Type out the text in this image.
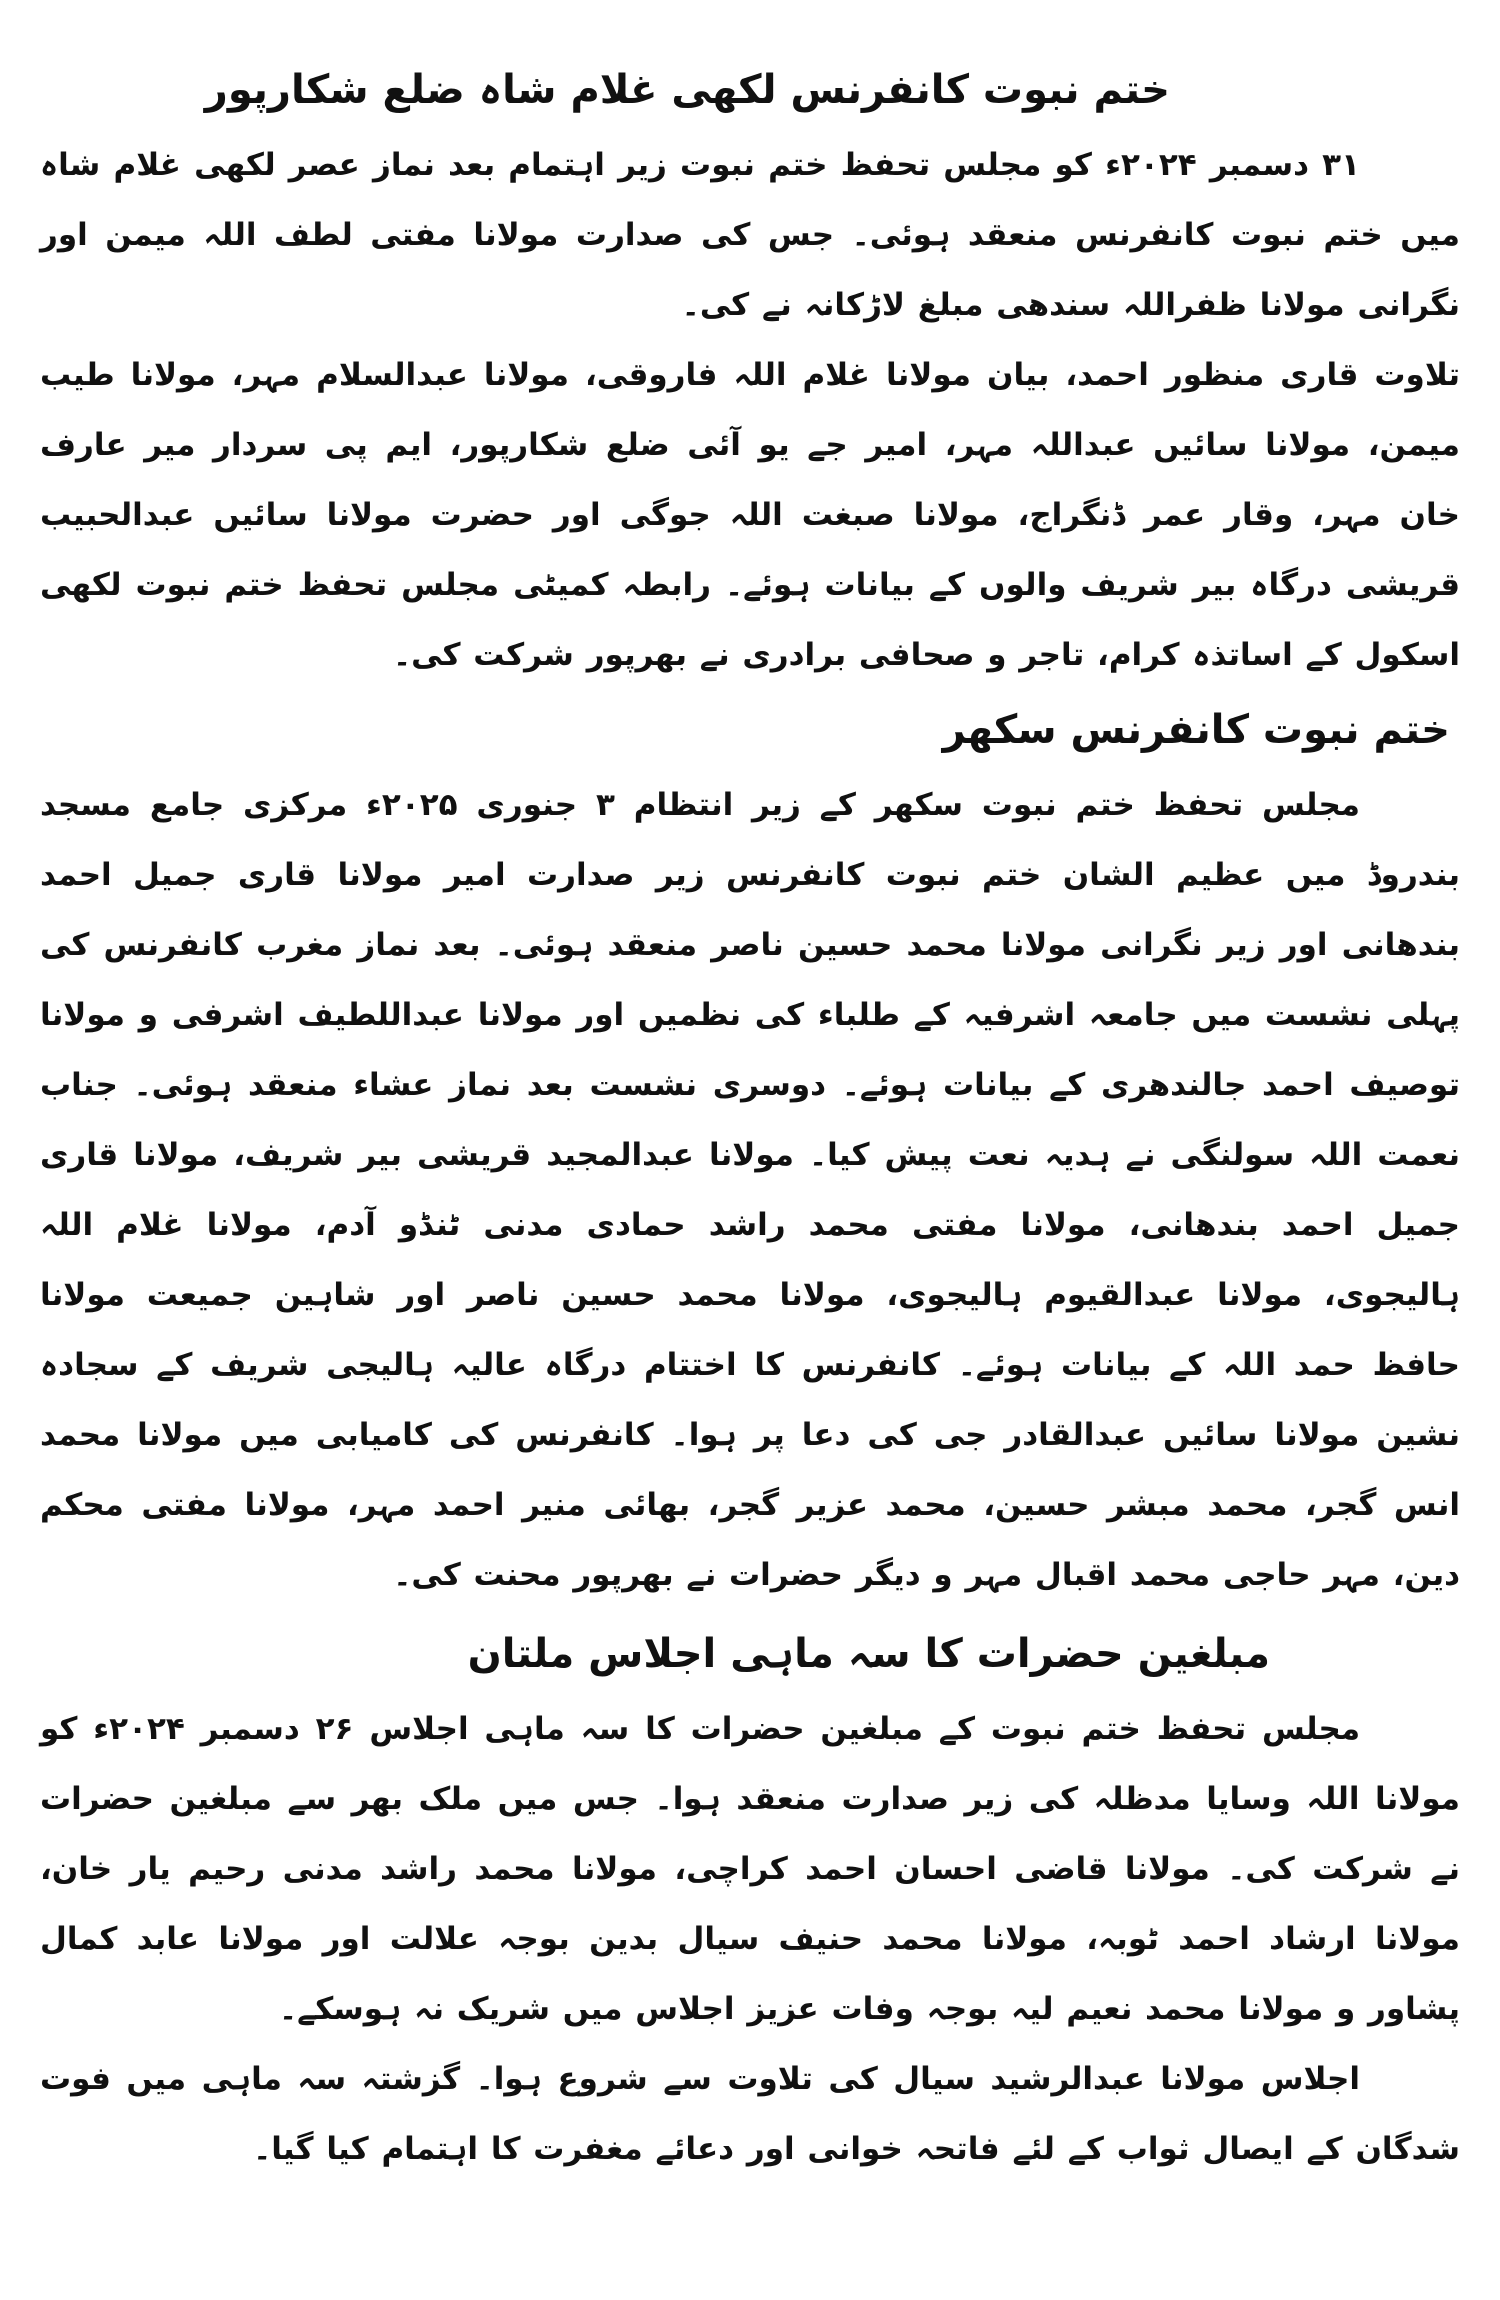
ختم نبوت کانفرنس لکھی غلام شاہ ضلع شکارپور

۳۱ دسمبر ۲۰۲۴ء کو مجلس تحفظ ختم نبوت زیر اہتمام بعد نماز عصر لکھی غلام شاہ میں ختم نبوت کانفرنس منعقد ہوئی۔ جس کی صدارت مولانا مفتی لطف اللہ میمن اور نگرانی مولانا ظفراللہ سندھی مبلغ لاڑکانہ نے کی۔

تلاوت قاری منظور احمد، بیان مولانا غلام اللہ فاروقی، مولانا عبدالسلام مہر، مولانا طیب میمن، مولانا سائیں عبداللہ مہر، امیر جے یو آئی ضلع شکارپور، ایم پی سردار میر عارف خان مہر، وقار عمر ڈنگراج، مولانا صبغت اللہ جوگی اور حضرت مولانا سائیں عبدالحبیب قریشی درگاہ بیر شریف والوں کے بیانات ہوئے۔ رابطہ کمیٹی مجلس تحفظ ختم نبوت لکھی اسکول کے اساتذہ کرام، تاجر و صحافی برادری نے بھرپور شرکت کی۔

ختم نبوت کانفرنس سکھر

مجلس تحفظ ختم نبوت سکھر کے زیر انتظام ۳ جنوری ۲۰۲۵ء مرکزی جامع مسجد بندروڈ میں عظیم الشان ختم نبوت کانفرنس زیر صدارت امیر مولانا قاری جمیل احمد بندھانی اور زیر نگرانی مولانا محمد حسین ناصر منعقد ہوئی۔ بعد نماز مغرب کانفرنس کی پہلی نشست میں جامعہ اشرفیہ کے طلباء کی نظمیں اور مولانا عبداللطیف اشرفی و مولانا توصیف احمد جالندھری کے بیانات ہوئے۔ دوسری نشست بعد نماز عشاء منعقد ہوئی۔ جناب نعمت اللہ سولنگی نے ہدیہ نعت پیش کیا۔ مولانا عبدالمجید قریشی بیر شریف، مولانا قاری جمیل احمد بندھانی، مولانا مفتی محمد راشد حمادی مدنی ٹنڈو آدم، مولانا غلام اللہ ہالیجوی، مولانا عبدالقیوم ہالیجوی، مولانا محمد حسین ناصر اور شاہین جمیعت مولانا حافظ حمد اللہ کے بیانات ہوئے۔ کانفرنس کا اختتام درگاہ عالیہ ہالیجی شریف کے سجادہ نشین مولانا سائیں عبدالقادر جی کی دعا پر ہوا۔ کانفرنس کی کامیابی میں مولانا محمد انس گجر، محمد مبشر حسین، محمد عزیر گجر، بھائی منیر احمد مہر، مولانا مفتی محکم دین، مہر حاجی محمد اقبال مہر و دیگر حضرات نے بھرپور محنت کی۔

مبلغین حضرات کا سہ ماہی اجلاس ملتان

مجلس تحفظ ختم نبوت کے مبلغین حضرات کا سہ ماہی اجلاس ۲۶ دسمبر ۲۰۲۴ء کو مولانا اللہ وسایا مدظلہ کی زیر صدارت منعقد ہوا۔ جس میں ملک بھر سے مبلغین حضرات نے شرکت کی۔ مولانا قاضی احسان احمد کراچی، مولانا محمد راشد مدنی رحیم یار خان، مولانا ارشاد احمد ٹوبہ، مولانا محمد حنیف سیال بدین بوجہ علالت اور مولانا عابد کمال پشاور و مولانا محمد نعیم لیہ بوجہ وفات عزیز اجلاس میں شریک نہ ہوسکے۔

اجلاس مولانا عبدالرشید سیال کی تلاوت سے شروع ہوا۔ گزشتہ سہ ماہی میں فوت شدگان کے ایصال ثواب کے لئے فاتحہ خوانی اور دعائے مغفرت کا اہتمام کیا گیا۔
